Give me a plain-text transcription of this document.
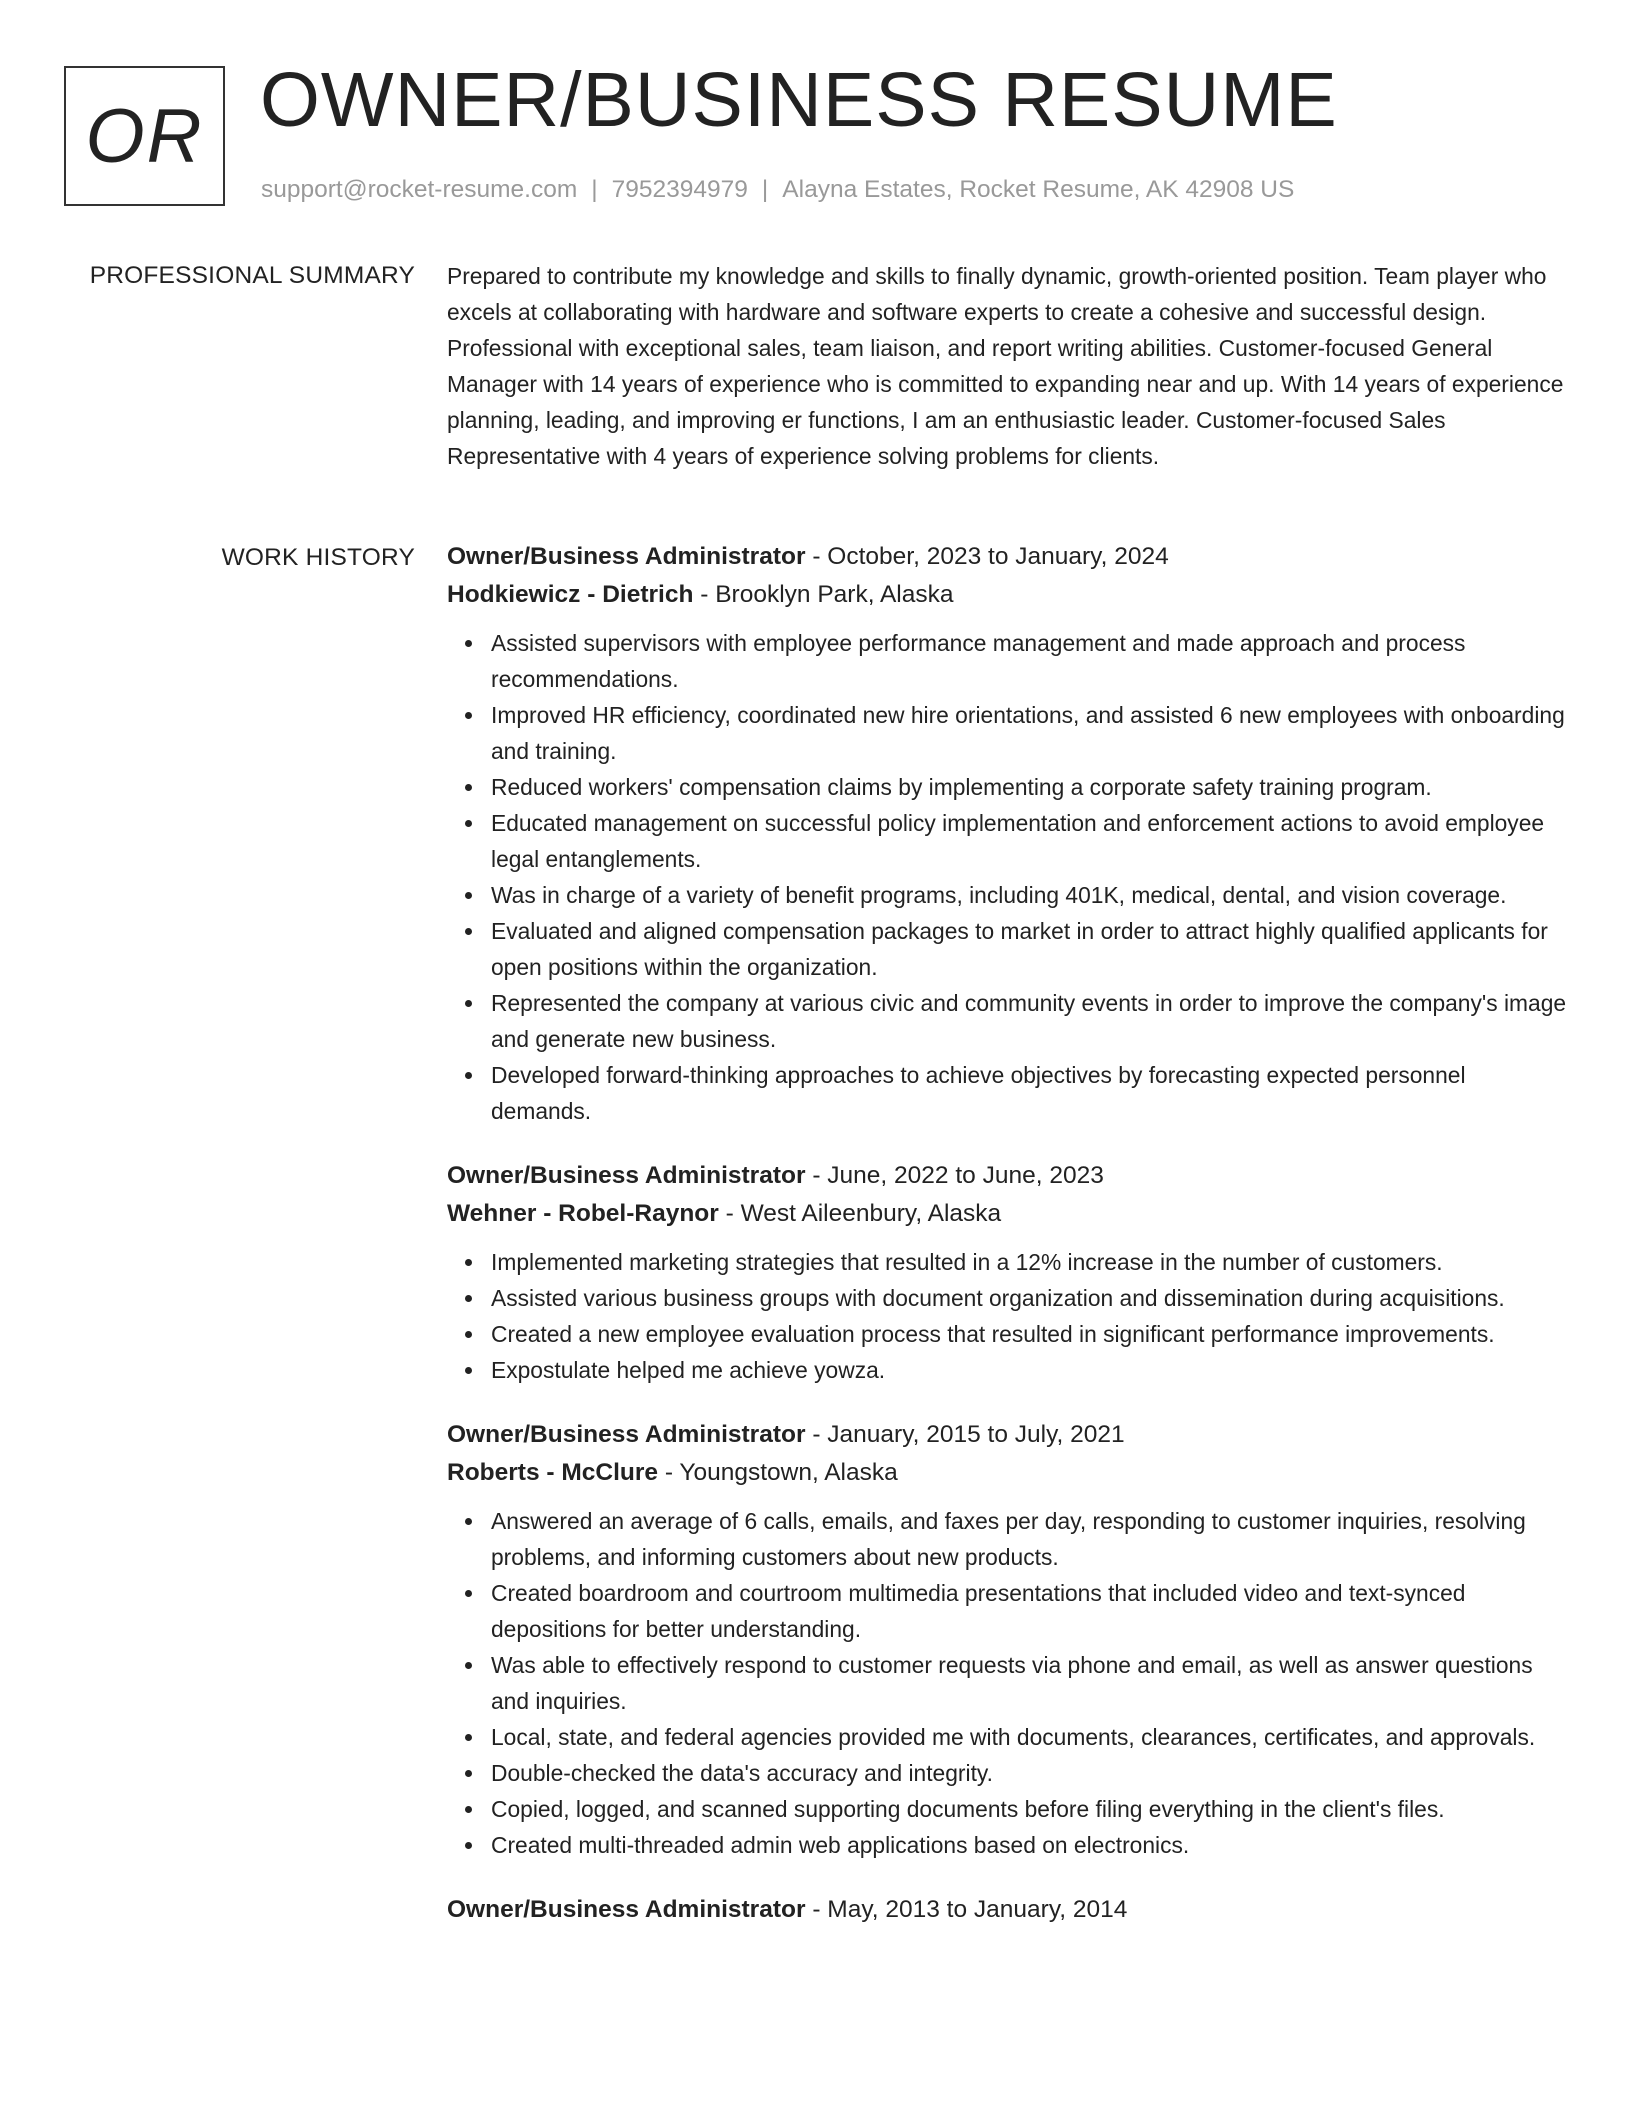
OR OWNER/BUSINESS RESUME
support@rocket-resume.com | 7952394979 | Alayna Estates, Rocket Resume, AK 42908 US
PROFESSIONAL SUMMARY Prepared to contribute my knowledge and skills to finally dynamic, growth-oriented position. Team player who excels at collaborating with hardware and software experts to create a cohesive and successful design. Professional with exceptional sales, team liaison, and report writing abilities. Customer-focused General Manager with 14 years of experience who is committed to expanding near and up. With 14 years of experience planning, leading, and improving er functions, I am an enthusiastic leader. Customer-focused Sales Representative with 4 years of experience solving problems for clients.

WORK HISTORY Owner/Business Administrator - October, 2023 to January, 2024
Hodkiewicz - Dietrich - Brooklyn Park, Alaska
Assisted supervisors with employee performance management and made approach and process recommendations.
Improved HR efficiency, coordinated new hire orientations, and assisted 6 new employees with onboarding and training.
Reduced workers' compensation claims by implementing a corporate safety training program.
Educated management on successful policy implementation and enforcement actions to avoid employee legal entanglements.
Was in charge of a variety of benefit programs, including 401K, medical, dental, and vision coverage.
Evaluated and aligned compensation packages to market in order to attract highly qualified applicants for open positions within the organization.
Represented the company at various civic and community events in order to improve the company's image and generate new business.
Developed forward-thinking approaches to achieve objectives by forecasting expected personnel demands.
Owner/Business Administrator - June, 2022 to June, 2023
Wehner - Robel-Raynor - West Aileenbury, Alaska
Implemented marketing strategies that resulted in a 12% increase in the number of customers.
Assisted various business groups with document organization and dissemination during acquisitions.
Created a new employee evaluation process that resulted in significant performance improvements.
Expostulate helped me achieve yowza.
Owner/Business Administrator - January, 2015 to July, 2021
Roberts - McClure - Youngstown, Alaska
Answered an average of 6 calls, emails, and faxes per day, responding to customer inquiries, resolving problems, and informing customers about new products.
Created boardroom and courtroom multimedia presentations that included video and text-synced depositions for better understanding.
Was able to effectively respond to customer requests via phone and email, as well as answer questions and inquiries.
Local, state, and federal agencies provided me with documents, clearances, certificates, and approvals.
Double-checked the data's accuracy and integrity.
Copied, logged, and scanned supporting documents before filing everything in the client's files.
Created multi-threaded admin web applications based on electronics.
Owner/Business Administrator - May, 2013 to January, 2014
